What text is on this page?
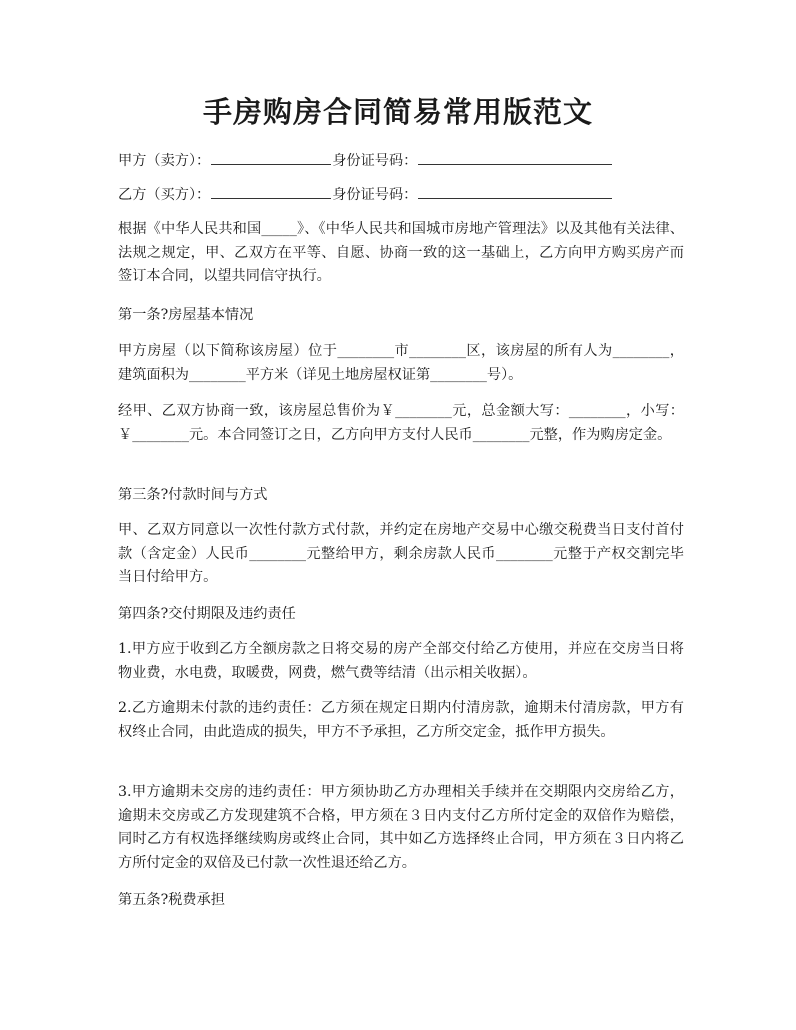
手房购房合同简易常用版范文
甲方（卖方）：	身份证号码：
乙方（买方）：	身份证号码：

根据《中华人民共和国_____》、《中华人民共和国城市房地产管理法》以及其他有关法律、法规之规定，甲、乙双方在平等、自愿、协商一致的这一基础上，乙方向甲方购买房产而签订本合同，以望共同信守执行。

第一条?房屋基本情况

甲方房屋（以下简称该房屋）位于________市________区，该房屋的所有人为________，建筑面积为________平方米（详见土地房屋权证第________号）。

经甲、乙双方协商一致，该房屋总售价为￥________元，总金额大写：________，小写：￥________元。本合同签订之日，乙方向甲方支付人民币________元整，作为购房定金。

第三条?付款时间与方式

甲、乙双方同意以一次性付款方式付款，并约定在房地产交易中心缴交税费当日支付首付款（含定金）人民币________元整给甲方，剩余房款人民币________元整于产权交割完毕当日付给甲方。

第四条?交付期限及违约责任

1.甲方应于收到乙方全额房款之日将交易的房产全部交付给乙方使用，并应在交房当日将物业费，水电费，取暖费，网费，燃气费等结清（出示相关收据）。

2.乙方逾期未付款的违约责任：乙方须在规定日期内付清房款，逾期未付清房款，甲方有权终止合同，由此造成的损失，甲方不予承担，乙方所交定金，抵作甲方损失。

3.甲方逾期未交房的违约责任：甲方须协助乙方办理相关手续并在交期限内交房给乙方，逾期未交房或乙方发现建筑不合格，甲方须在３日内支付乙方所付定金的双倍作为赔偿，同时乙方有权选择继续购房或终止合同，其中如乙方选择终止合同，甲方须在３日内将乙方所付定金的双倍及已付款一次性退还给乙方。

第五条?税费承担
